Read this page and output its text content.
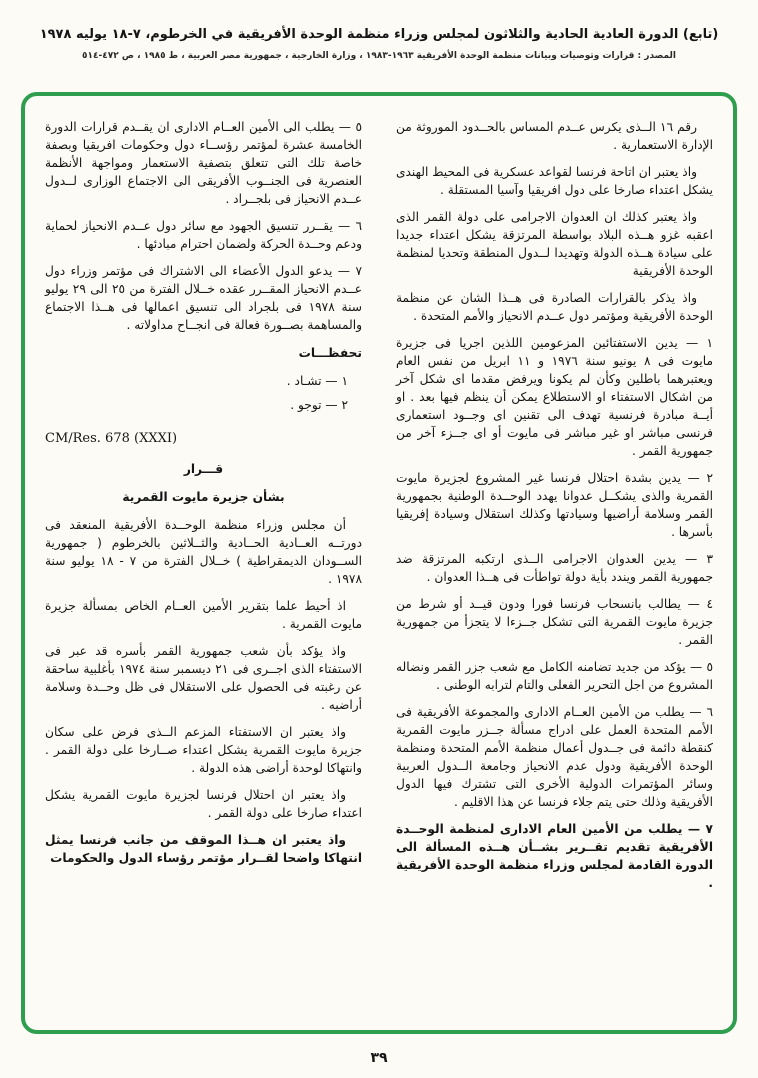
(تابع) الدورة العادية الحادية والثلاثون لمجلس وزراء منظمة الوحدة الأفريقية في الخرطوم، ٧-١٨ يوليه ١٩٧٨
المصدر : قرارات وتوصيات وبيانات منظمة الوحدة الأفريقية ١٩٦٣-١٩٨٣ ، وزارة الخارجية ، جمهورية مصر العربية ، ط ١٩٨٥ ، ص ٤٧٢-٥١٤

رقم ١٦ الــذى يكرس عــدم المساس بالحــدود الموروثة من الإدارة الاستعمارية .

واذ يعتبر ان اتاحة فرنسا لقواعد عسكرية فى المحيط الهندى يشكل اعتداء صارخا على دول افريقيا وآسيا المستقلة .

واذ يعتبر كذلك ان العدوان الاجرامى على دولة القمر الذى اعقبه غزو هــذه البلاد بواسطة المرتزقة يشكل اعتداء جديدا على سيادة هــذه الدولة وتهديدا لــدول المنطقة وتحديا لمنظمة الوحدة الأفريقية

واذ يذكر بالقرارات الصادرة فى هــذا الشان عن منظمة الوحدة الأفريقية ومؤتمر دول عــدم الانحياز والأمم المتحدة .

١ — يدين الاستفتائين المزعومين اللذين اجريا فى جزيرة مايوت فى ٨ يونيو سنة ١٩٧٦ و ١١ ابريل من نفس العام ويعتبرهما باطلين وكأن لم يكونا ويرفض مقدما اى شكل آخر من اشكال الاستفتاء او الاستطلاع يمكن أن ينظم فيها بعد . او أيــة مبادرة فرنسية تهدف الى تقنين اى وجــود استعمارى فرنسى مباشر او غير مباشر فى مايوت أو اى جــزء آخر من جمهورية القمر .

٢ — يدين بشدة احتلال فرنسا غير المشروع لجزيرة مايوت القمرية والذى يشكــل عدوانا يهدد الوحــدة الوطنية بجمهورية القمر وسلامة أراضيها وسيادتها وكذلك استقلال وسيادة إفريقيا بأسرها .

٣ — يدين العدوان الاجرامى الــذى ارتكبه المرتزقة ضد جمهورية القمر ويندد بأية دولة تواطأت فى هــذا العدوان .

٤ — يطالب بانسحاب فرنسا فورا ودون قيــد أو شرط من جزيرة مايوت القمرية التى تشكل جــزءا لا يتجزأ من جمهورية القمر .

٥ — يؤكد من جديد تضامنه الكامل مع شعب جزر القمر ونضاله المشروع من اجل التحرير الفعلى والتام لترابه الوطنى .

٦ — يطلب من الأمين العــام الادارى والمجموعة الأفريقية فى الأمم المتحدة العمل على ادراج مسألة جــزر مايوت القمرية كنقطة دائمة فى جــدول أعمال منظمة الأمم المتحدة ومنظمة الوحدة الأفريقية ودول عدم الانحياز وجامعة الــدول العربية وسائر المؤتمرات الدولية الأخرى التى تشترك فيها الدول الأفريقية وذلك حتى يتم جلاء فرنسا عن هذا الاقليم .

٧ — يطلب من الأمين العام الادارى لمنظمة الوحــدة الأفريقية تقديم تقــرير بشــأن هــذه المسألة الى الدورة القادمة لمجلس وزراء منظمة الوحدة الأفريقية .

٥ — يطلب الى الأمين العــام الادارى ان يقــدم قرارات الدورة الخامسة عشرة لمؤتمر رؤســاء دول وحكومات افريقيا وبصفة خاصة تلك التى تتعلق بتصفية الاستعمار ومواجهة الأنظمة العنصرية فى الجنــوب الأفريقى الى الاجتماع الوزارى لــدول عــدم الانحياز فى بلجــراد .

٦ — يقــرر تنسيق الجهود مع سائر دول عــدم الانحياز لحماية ودعم وحــدة الحركة ولضمان احترام مبادئها .

٧ — يدعو الدول الأعضاء الى الاشتراك فى مؤتمر وزراء دول عــدم الانحياز المقــرر عقده خــلال الفترة من ٢٥ الى ٢٩ يوليو سنة ١٩٧٨ فى بلجراد الى تنسيق اعمالها فى هــذا الاجتماع والمساهمة بصــورة فعالة فى انجــاح مداولاته .

تحفظـــات

١ — تشـاد .

٢ — توجو .

CM/Res. 678 (XXXI)

قـــرار

بشأن جزيرة مايوت القمرية

أن مجلس وزراء منظمة الوحــدة الأفريقية المنعقد فى دورتــه العــادية الحــادية والثــلاثين بالخرطوم ( جمهورية الســودان الديمقراطية ) خــلال الفترة من ٧ - ١٨ يوليو سنة ١٩٧٨ .

اذ أحيط علما بتقرير الأمين العــام الخاص بمسألة جزيرة مايوت القمرية .

واذ يؤكد بأن شعب جمهورية القمر بأسره قد عبر فى الاستفتاء الذى اجــرى فى ٢١ ديسمبر سنة ١٩٧٤ بأغلبية ساحقة عن رغبته فى الحصول على الاستقلال فى ظل وحــدة وسلامة أراضيه .

واذ يعتبر ان الاستفتاء المزعم الــذى فرض على سكان جزيرة مايوت القمرية يشكل اعتداء صــارخا على دولة القمر . وانتهاكا لوحدة أراضى هذه الدولة .

واذ يعتبر ان احتلال فرنسا لجزيرة مايوت القمرية يشكل اعتداء صارخا على دولة القمر .

واذ يعتبر ان هــذا الموقف من جانب فرنسا يمثل انتهاكا واضحا لقــرار مؤتمر رؤساء الدول والحكومات

٣٩
